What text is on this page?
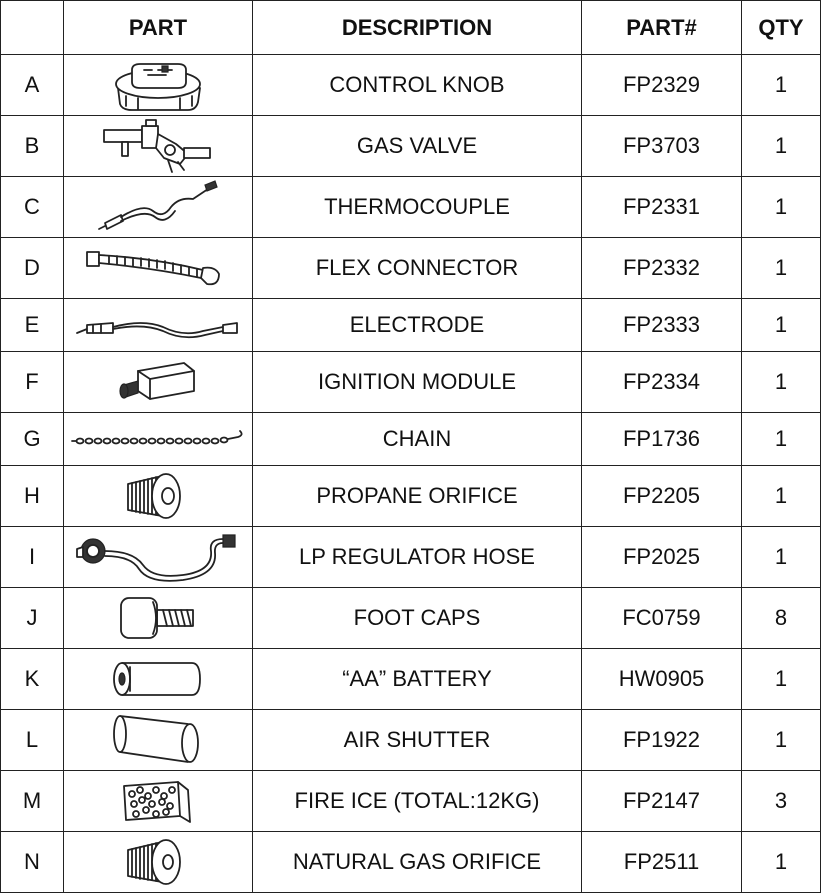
	PART	DESCRIPTION	PART#	QTY
A		CONTROL KNOB	FP2329	1
B		GAS VALVE	FP3703	1
C		THERMOCOUPLE	FP2331	1
D		FLEX CONNECTOR	FP2332	1
E		ELECTRODE	FP2333	1
F		IGNITION MODULE	FP2334	1
G		CHAIN	FP1736	1
H		PROPANE ORIFICE	FP2205	1
I		LP REGULATOR HOSE	FP2025	1
J		FOOT CAPS	FC0759	8
K		“AA” BATTERY	HW0905	1
L		AIR SHUTTER	FP1922	1
M		FIRE ICE (TOTAL:12KG)	FP2147	3
N		NATURAL GAS ORIFICE	FP2511	1
